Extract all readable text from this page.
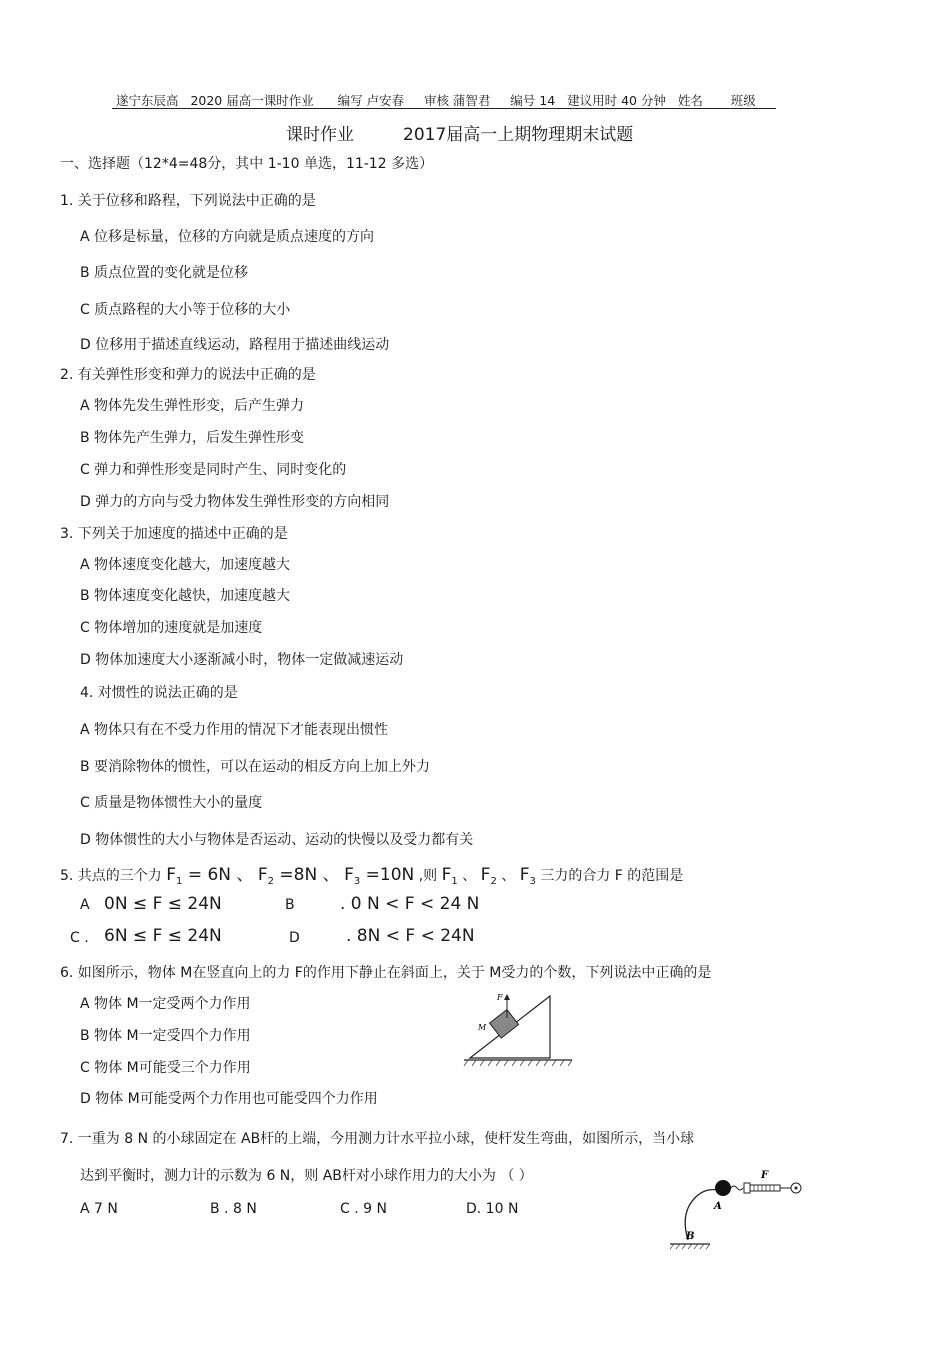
遂宁东辰高 2020 届高一课时作业 编写 卢安春 审核 蒲智君 编号 14 建议用时 40 分钟 姓名 班级
课时作业	2017届高一上期物理期末试题
一、选择题（12*4=48分，其中 1-10 单选，11-12 多选）
1. 关于位移和路程，下列说法中正确的是
A 位移是标量，位移的方向就是质点速度的方向
B 质点位置的变化就是位移
C 质点路程的大小等于位移的大小
D 位移用于描述直线运动，路程用于描述曲线运动
2. 有关弹性形变和弹力的说法中正确的是
A 物体先发生弹性形变，后产生弹力
B 物体先产生弹力，后发生弹性形变
C 弹力和弹性形变是同时产生、同时变化的
D 弹力的方向与受力物体发生弹性形变的方向相同
3. 下列关于加速度的描述中正确的是
A 物体速度变化越大，加速度越大
B 物体速度变化越快，加速度越大
C 物体增加的速度就是加速度
D 物体加速度大小逐渐减小时，物体一定做减速运动
4. 对惯性的说法正确的是
A 物体只有在不受力作用的情况下才能表现出惯性
B 要消除物体的惯性，可以在运动的相反方向上加上外力
C 质量是物体惯性大小的量度
D 物体惯性的大小与物体是否运动、运动的快慢以及受力都有关
5. 共点的三个力 $F_1 = 6N$ 、 $F_2 =8N$ 、 $F_3 =10N$ ,则 $F_1$ 、 $F_2$ 、 $F_3$ 三力的合力 F 的范围是
A 0N ≤ F ≤ 24N	B	. 0 N < F < 24 N
C . 6N ≤ F ≤ 24N	D	. 8N < F < 24N
6. 如图所示，物体 M在竖直向上的力 F的作用下静止在斜面上，关于 M受力的个数，下列说法中正确的是
A 物体 M一定受两个力作用
B 物体 M一定受四个力作用
C 物体 M可能受三个力作用
D 物体 M可能受两个力作用也可能受四个力作用
F
M
7. 一重为 8 N 的小球固定在 AB杆的上端，今用测力计水平拉小球，使杆发生弯曲，如图所示，当小球
达到平衡时，测力计的示数为 6 N，则 AB杆对小球作用力的大小为 （ ）
A 7 N	B . 8 N	C . 9 N	D. 10 N
F
A
B
